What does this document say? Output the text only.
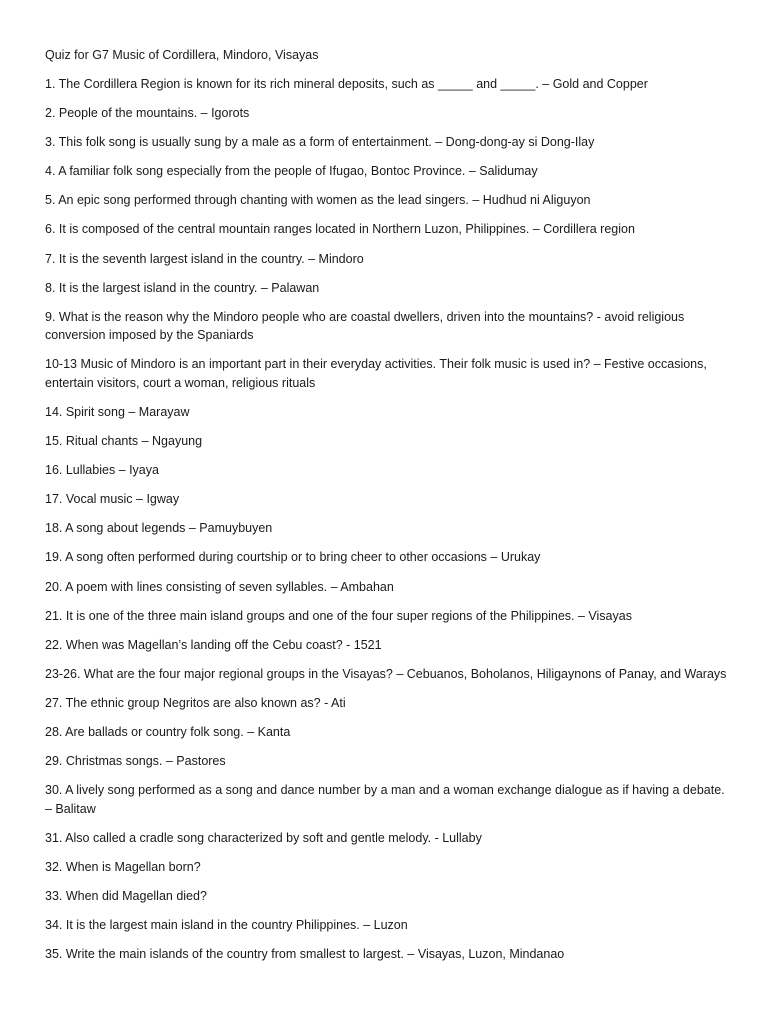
Quiz for G7 Music of Cordillera, Mindoro, Visayas

1. The Cordillera Region is known for its rich mineral deposits, such as _____ and _____. – Gold and Copper

2. People of the mountains. – Igorots

3. This folk song is usually sung by a male as a form of entertainment. – Dong-dong-ay si Dong-Ilay

4. A familiar folk song especially from the people of Ifugao, Bontoc Province. – Salidumay

5. An epic song performed through chanting with women as the lead singers. – Hudhud ni Aliguyon

6. It is composed of the central mountain ranges located in Northern Luzon, Philippines. – Cordillera region

7. It is the seventh largest island in the country. – Mindoro

8. It is the largest island in the country. – Palawan

9. What is the reason why the Mindoro people who are coastal dwellers, driven into the mountains? - avoid religious conversion imposed by the Spaniards

10-13 Music of Mindoro is an important part in their everyday activities. Their folk music is used in? – Festive occasions, entertain visitors, court a woman, religious rituals

14. Spirit song – Marayaw

15. Ritual chants – Ngayung

16. Lullabies – Iyaya

17. Vocal music – Igway

18. A song about legends – Pamuybuyen

19. A song often performed during courtship or to bring cheer to other occasions – Urukay

20. A poem with lines consisting of seven syllables. – Ambahan

21. It is one of the three main island groups and one of the four super regions of the Philippines. – Visayas

22. When was Magellan’s landing off the Cebu coast? - 1521

23-26. What are the four major regional groups in the Visayas? – Cebuanos, Boholanos, Hiligaynons of Panay, and Warays

27. The ethnic group Negritos are also known as? - Ati

28. Are ballads or country folk song. – Kanta

29. Christmas songs. – Pastores

30. A lively song performed as a song and dance number by a man and a woman exchange dialogue as if having a debate. – Balitaw

31. Also called a cradle song characterized by soft and gentle melody. - Lullaby

32. When is Magellan born?

33. When did Magellan died?

34. It is the largest main island in the country Philippines. – Luzon

35. Write the main islands of the country from smallest to largest. – Visayas, Luzon, Mindanao
